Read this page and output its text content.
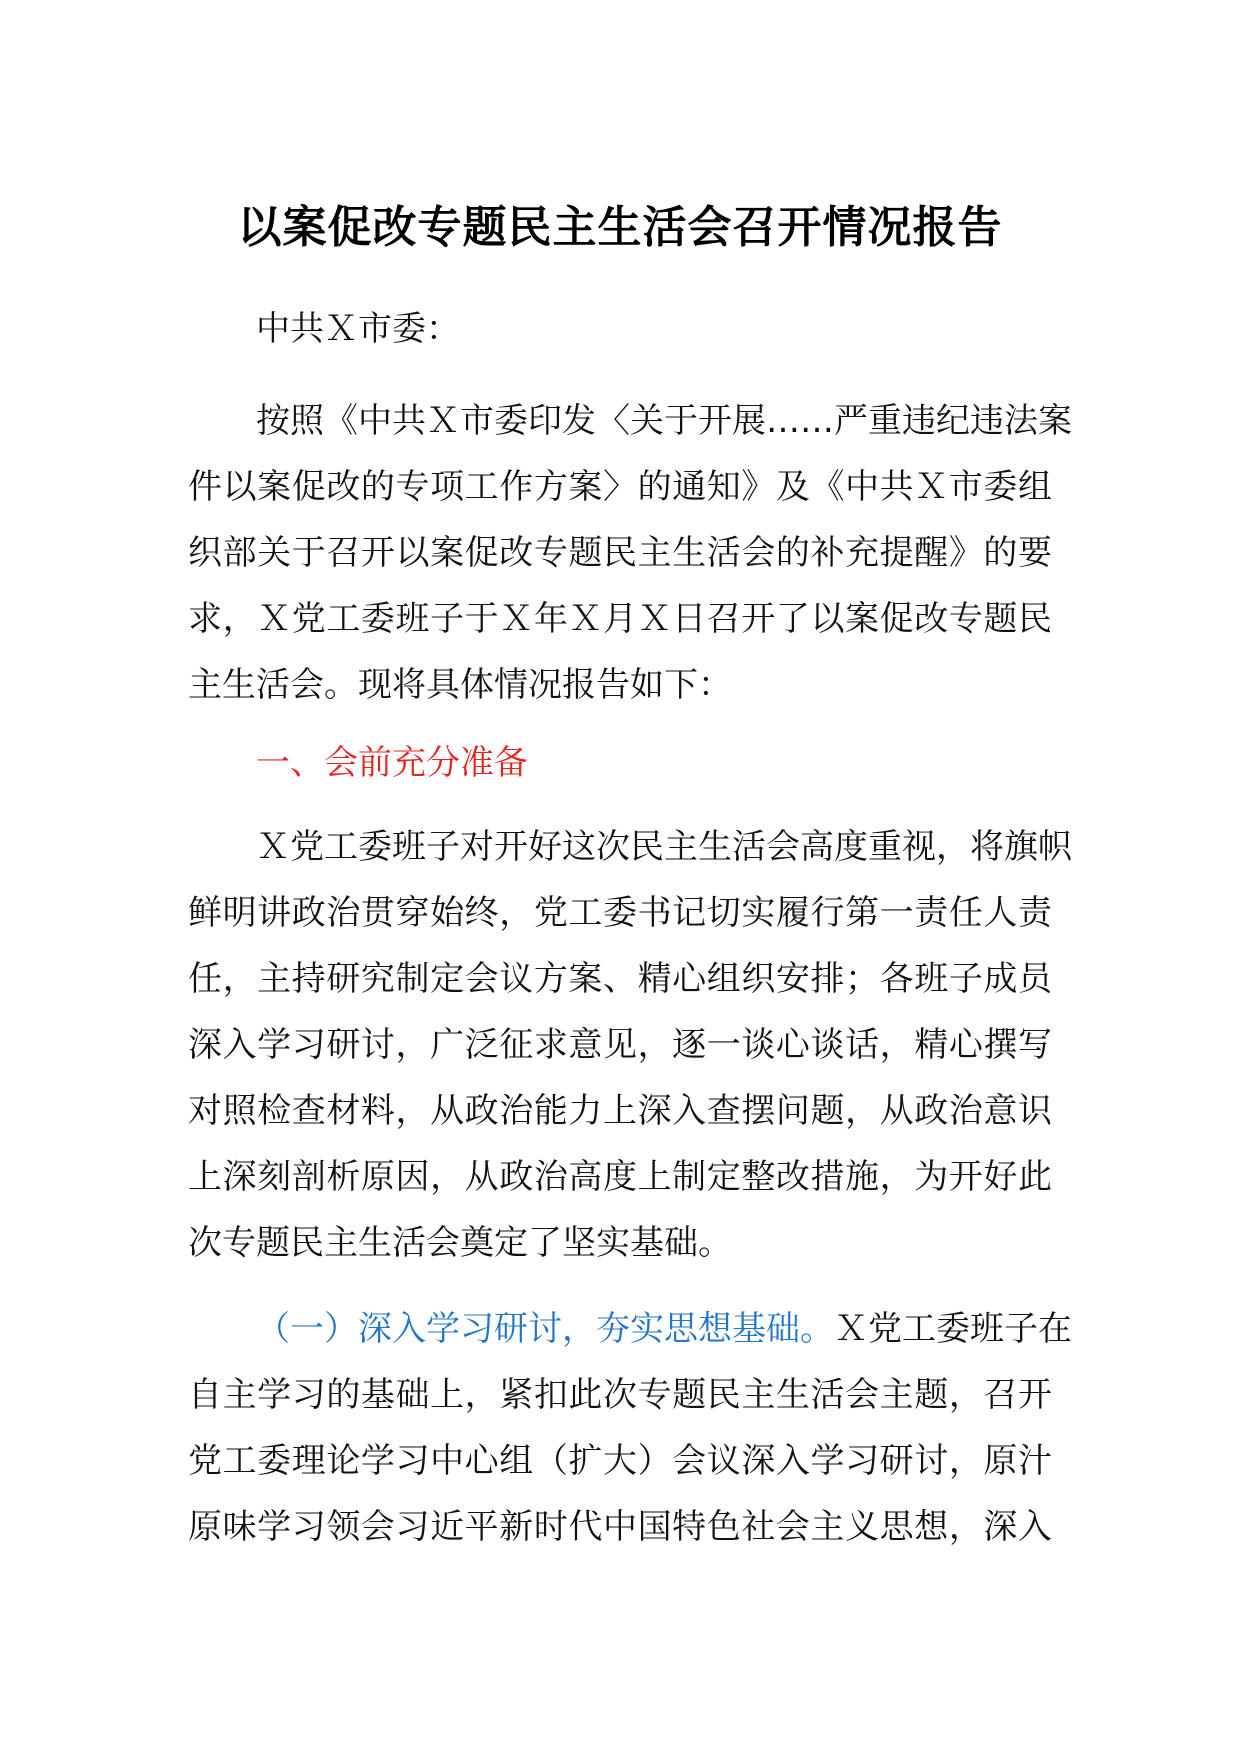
以案促改专题民主生活会召开情况报告
中共Ｘ市委：
按照《中共Ｘ市委印发〈关于开展……严重违纪违法案
件以案促改的专项工作方案〉的通知》及《中共Ｘ市委组
织部关于召开以案促改专题民主生活会的补充提醒》的要
求，Ｘ党工委班子于Ｘ年Ｘ月Ｘ日召开了以案促改专题民
主生活会。现将具体情况报告如下：
一、会前充分准备
Ｘ党工委班子对开好这次民主生活会高度重视，将旗帜
鲜明讲政治贯穿始终，党工委书记切实履行第一责任人责
任，主持研究制定会议方案、精心组织安排；各班子成员
深入学习研讨，广泛征求意见，逐一谈心谈话，精心撰写
对照检查材料，从政治能力上深入查摆问题，从政治意识
上深刻剖析原因，从政治高度上制定整改措施，为开好此
次专题民主生活会奠定了坚实基础。
（一）深入学习研讨，夯实思想基础。Ｘ党工委班子在
自主学习的基础上，紧扣此次专题民主生活会主题，召开
党工委理论学习中心组（扩大）会议深入学习研讨，原汁
原味学习领会习近平新时代中国特色社会主义思想，深入
